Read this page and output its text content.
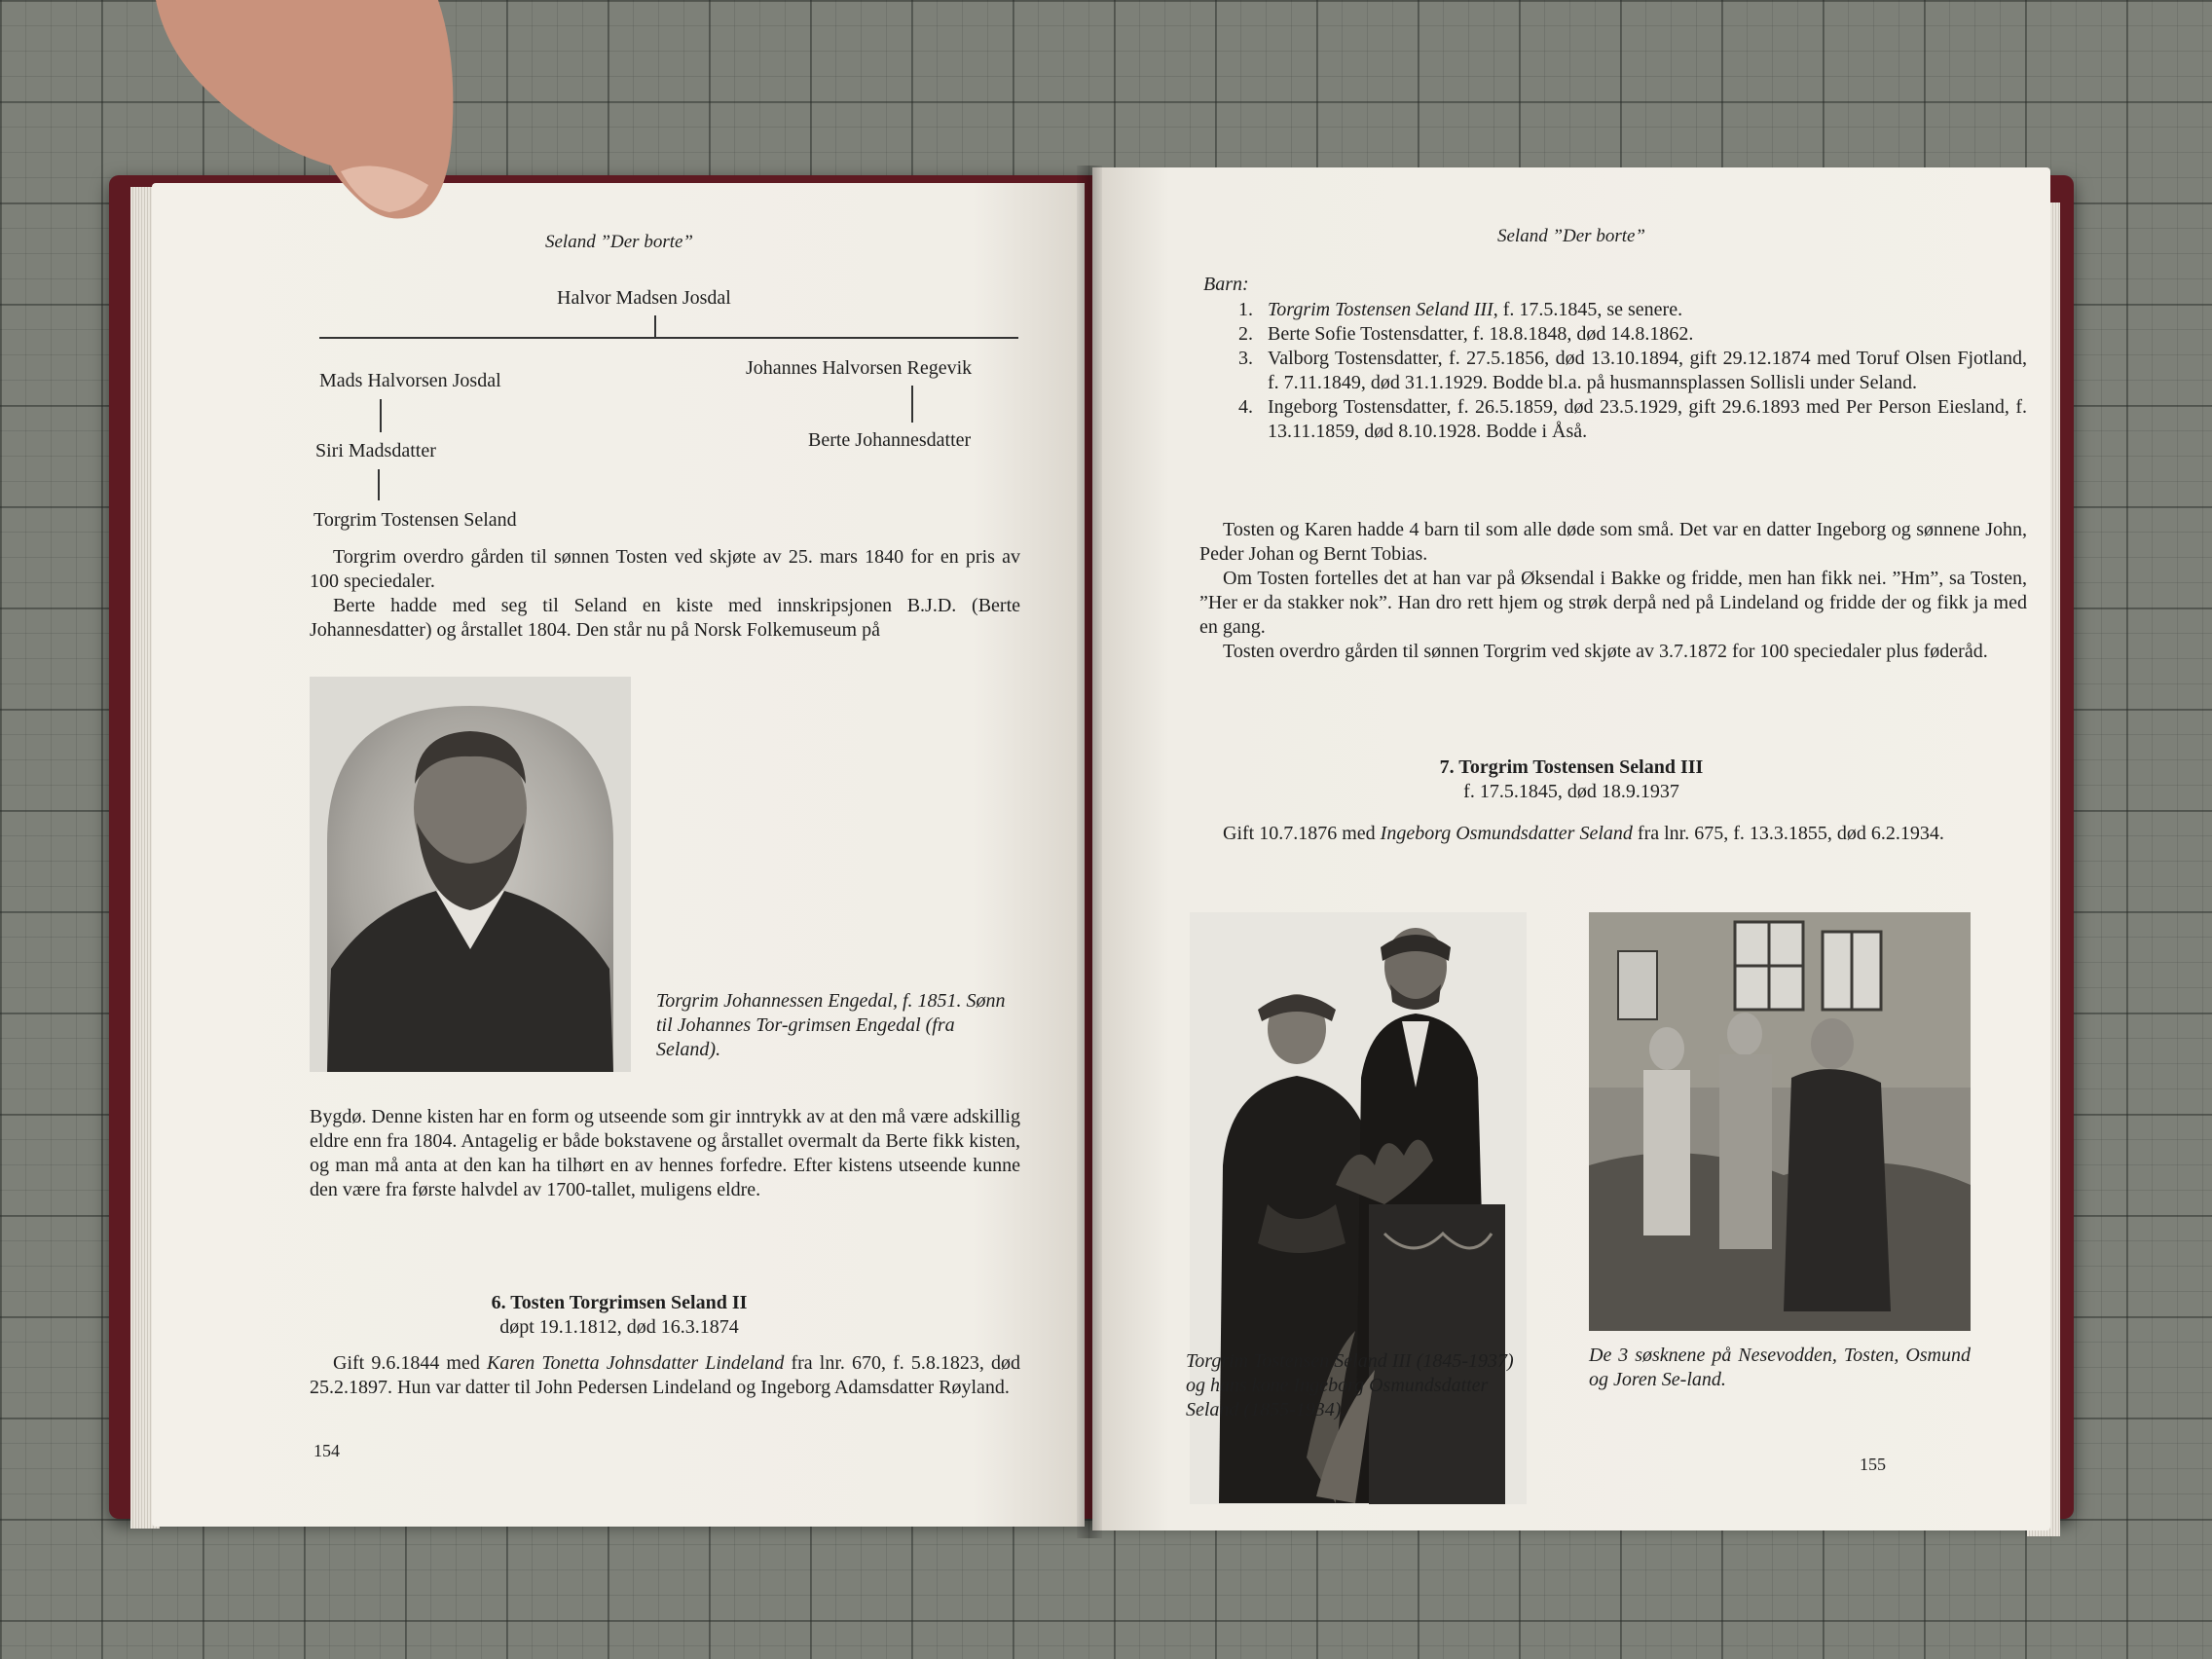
Seland ”Der borte”
Halvor Madsen Josdal
Mads Halvorsen Josdal
Siri Madsdatter
Torgrim Tostensen Seland
Johannes Halvorsen Regevik
Berte Johannesdatter

Torgrim overdro gården til sønnen Tosten ved skjøte av 25. mars 1840 for en pris av 100 speciedaler.

Berte hadde med seg til Seland en kiste med innskripsjonen B.J.D. (Berte Johannesdatter) og årstallet 1804. Den står nu på Norsk Folkemuseum på

Torgrim Johannessen Engedal, f. 1851. Sønn til Johannes Tor-grimsen Engedal (fra Seland).
Bygdø. Denne kisten har en form og utseende som gir inntrykk av at den må være adskillig eldre enn fra 1804. Antagelig er både bokstavene og årstallet overmalt da Berte fikk kisten, og man må anta at den kan ha tilhørt en av hennes forfedre. Efter kistens utseende kunne den være fra første halvdel av 1700-tallet, muligens eldre.
6. Tosten Torgrimsen Seland II
døpt 19.1.1812, død 16.3.1874

Gift 9.6.1844 med Karen Tonetta Johnsdatter Lindeland fra lnr. 670, f. 5.8.1823, død 25.2.1897. Hun var datter til John Pedersen Lindeland og Ingeborg Adamsdatter Røyland.

154
Seland ”Der borte”
Barn:
1. Torgrim Tostensen Seland III, f. 17.5.1845, se senere.
2. Berte Sofie Tostensdatter, f. 18.8.1848, død 14.8.1862.
3. Valborg Tostensdatter, f. 27.5.1856, død 13.10.1894, gift 29.12.1874 med Toruf Olsen Fjotland, f. 7.11.1849, død 31.1.1929. Bodde bl.a. på husmannsplassen Sollisli under Seland.
4. Ingeborg Tostensdatter, f. 26.5.1859, død 23.5.1929, gift 29.6.1893 med Per Person Eiesland, f. 13.11.1859, død 8.10.1928. Bodde i Åså.

Tosten og Karen hadde 4 barn til som alle døde som små. Det var en datter Ingeborg og sønnene John, Peder Johan og Bernt Tobias.

Om Tosten fortelles det at han var på Øksendal i Bakke og fridde, men han fikk nei. ”Hm”, sa Tosten, ”Her er da stakker nok”. Han dro rett hjem og strøk derpå ned på Lindeland og fridde der og fikk ja med en gang.

Tosten overdro gården til sønnen Torgrim ved skjøte av 3.7.1872 for 100 speciedaler plus føderåd.

7. Torgrim Tostensen Seland III
f. 17.5.1845, død 18.9.1937

Gift 10.7.1876 med Ingeborg Osmundsdatter Seland fra lnr. 675, f. 13.3.1855, død 6.2.1934.

Torgrim Tostensen Seland III (1845-1937) og hans kone Ingeborg Osmundsdatter Seland (1855-1934).
De 3 søsknene på Nesevodden, Tosten, Osmund og Joren Se-land.
155
